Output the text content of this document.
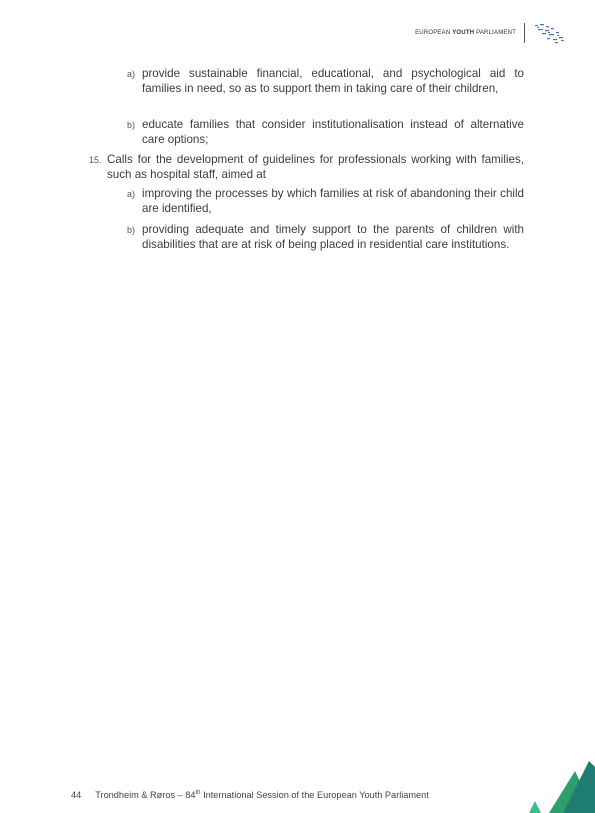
EUROPEAN YOUTH PARLIAMENT
a) provide sustainable financial, educational, and psychological aid to families in need, so as to support them in taking care of their children,
b) educate families that consider institutionalisation instead of alternative care options;
15. Calls for the development of guidelines for professionals working with families, such as hospital staff, aimed at
a) improving the processes by which families at risk of abandoning their child are identified,
b) providing adequate and timely support to the parents of children with disabilities that are at risk of being placed in residential care institutions.
44 Trondheim & Røros – 84th International Session of the European Youth Parliament
